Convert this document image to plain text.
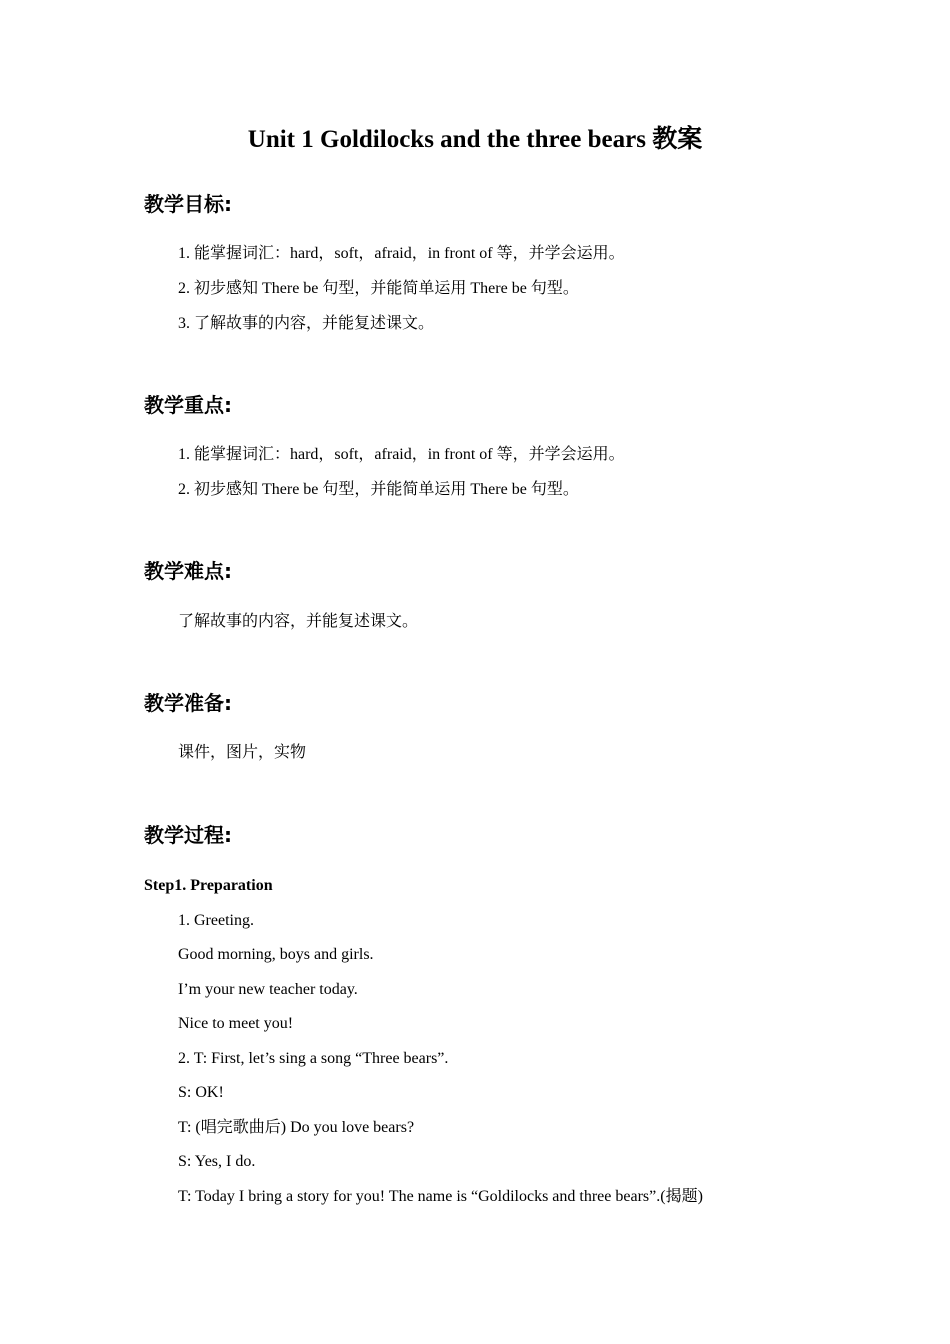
Unit 1 Goldilocks and the three bears 教案
教学目标:

1. 能掌握词汇：hard，soft，afraid，in front of 等，并学会运用。

2. 初步感知 There be 句型，并能简单运用 There be 句型。

3. 了解故事的内容，并能复述课文。

教学重点:

1. 能掌握词汇：hard，soft，afraid，in front of 等，并学会运用。

2. 初步感知 There be 句型，并能简单运用 There be 句型。

教学难点:

了解故事的内容，并能复述课文。

教学准备:

课件，图片，实物

教学过程:

Step1. Preparation

1. Greeting.

Good morning, boys and girls.

I’m your new teacher today.

Nice to meet you!

2. T: First, let’s sing a song “Three bears”.

S: OK!

T: (唱完歌曲后) Do you love bears?

S: Yes, I do.

T: Today I bring a story for you! The name is “Goldilocks and three bears”.(揭题)
